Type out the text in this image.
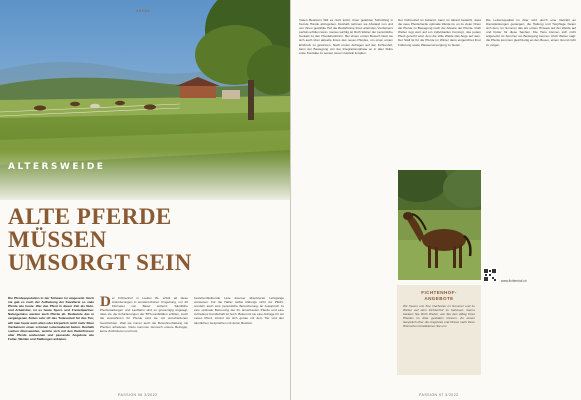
ARENA
ALTERSWEIDE
ALTE PFERDE
MÜSSEN
UMSORGT SEIN
Die Pferdepopulation in der Schweiz ist umgesetzt. Noch nie gab es nach der Aufhebung der Kavallerie so viele Pferde wie heute. Wer das Pferd in dieser Zeit als Nutz- und Arbeitstier, ist es heute Sport- und Freizeitpartner. Naturgemäss werden auch Pferde alt. Bedeutete das in vergangenen Zeiten sehr oft das Todesurteil für das Tier, will man heute auch alten oder körperlich nicht mehr fitten Vierbeinern einen schönen Lebensabend bieten. Deshalb suchen Altersweiden, welche sich mit den Bedürfnissen alter Pferde auskennen und passende Angebote wie Futter, Weiden und Stallungen anbieten.
Der Fichtenhof in Laufen BL erfüllt all diese Anforderungen in wunderschöner Umgebung, nur 20 Kilometer von Basel entfernt. Sämtliche Pferdestallungen und Laufbahn sind so grosszügig angelegt, dass sie die Anforderungen der BTS-Laufställen erfüllen. Auch die Ausnahmen für Pferde sind sie mit verschiedenen Geschichten. Weil sie immer auch die Bewohnerhaltung mit Pferden arbeiteten. Dazu kommen dennoch unsere Bezugsp, keine Zuchtstuten und trotz.
bestehenbleibende Liste diverser absolvierter Lehrgänge vorweisen. Für die Halter selbst bildungs nicht nur Pflicht, sondern auch eine persönliche Bereicherung. Er Ausspruch zu eine optimale Betreuung der ihr anvertrauten Pferde und eine zufriedene Kundschaft ist hoch. Bekommt sie eine Anfrage für ein neues Pferd, stimmt sie sich genau mit dem Tier und den sämtlichen Gesprächen mit deren Besitzer.
PASSION 96 3/2022
Vielen Besitzern fällt es nicht leicht, ihren geliebten Schützling in fremde Hände abzugeben. Deshalb nehmen sie Abstand von und von ihnen gewählte Hof die Bedürfnisse ihres alternden Vierbeiners perfekt erfüllen kann. Genau wichtig ist Ruth Weber der persönliche Kontakt zu den Pferdebesitzern. Bei einem ersten Besuch lässt sie sich auch über aktuelle Fotos des neuen Pferdes, um einen ersten Eindruck zu gewinnen. Nach ersten Anfragen auf den Fichtenhof, kann der Bewegung von der Integrationsphase so in alter Ruhe erste Kontakte zu seinen neuen Gspänli knüpfen.
Der Fichtenhof ist bekannt, kann ist darauf bedacht, dass die neue Pferdeherde optimale Weide ist, es zu vieler Orten die Pferde zu Bewegung nach der Abseite der Pferde. Ruth Weber legt wert auf ein individuelles Konzept, das jedem Pferd gerecht wird, dem die stille Weide das Auge auf dem. Der Stall ist für die Pferde im Winter dazu eingerichtet ihrer Fütterung sowie Wasserversorgung zu bieten.
Die Lebensqualität im Alter wird durch eine Vielzahl an Dienstleistungen gesteigert, die Haltung und Tierpflege bieten sich dem. Im Sommer das am ersten Hinweis auf der Weide auf und Futter für diese Sachen. Die Tiere können sich nicht artgerecht im Sommer wo Bewegung kennen. Ruth Weber sagt: die Pferde kommen gleichzeitig an den Boxen, einem Grund nicht zu zeigen.
www.fichtenhof.ch
FICHTENHOF-
ANGEBOTE
Wir freuen uns Ihre Vierbeiner im Sommer und im Winter auf dem Fichtenhof zu betreuen. Gerne beraten Sie Ruth Weber, wie Sie den Alltag Ihres Pferdes im Alter gestalten können. Zu einem Gespräch über die Angebote und Preise nach Ihren Wünschen kontaktieren Sie uns.
PASSION 97 3/2022
